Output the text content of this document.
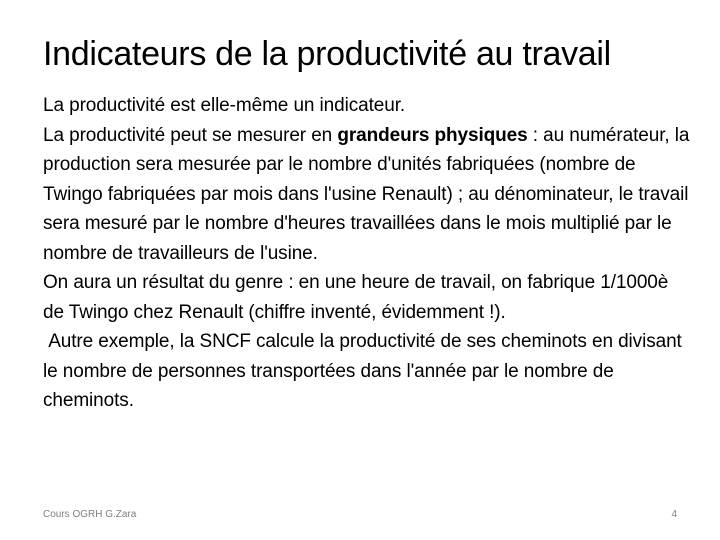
Indicateurs de la productivité au travail

La productivité est elle-même un indicateur.

La productivité peut se mesurer en grandeurs physiques : au numérateur, la production sera mesurée par le nombre d'unités fabriquées (nombre de Twingo fabriquées par mois dans l'usine Renault) ; au dénominateur, le travail sera mesuré par le nombre d'heures travaillées dans le mois multiplié par le nombre de travailleurs de l'usine.

On aura un résultat du genre : en une heure de travail, on fabrique 1/1000è de Twingo chez Renault (chiffre inventé, évidemment !).

Autre exemple, la SNCF calcule la productivité de ses cheminots en divisant le nombre de personnes transportées dans l'année par le nombre de cheminots.

Cours OGRH G.Zara	4
